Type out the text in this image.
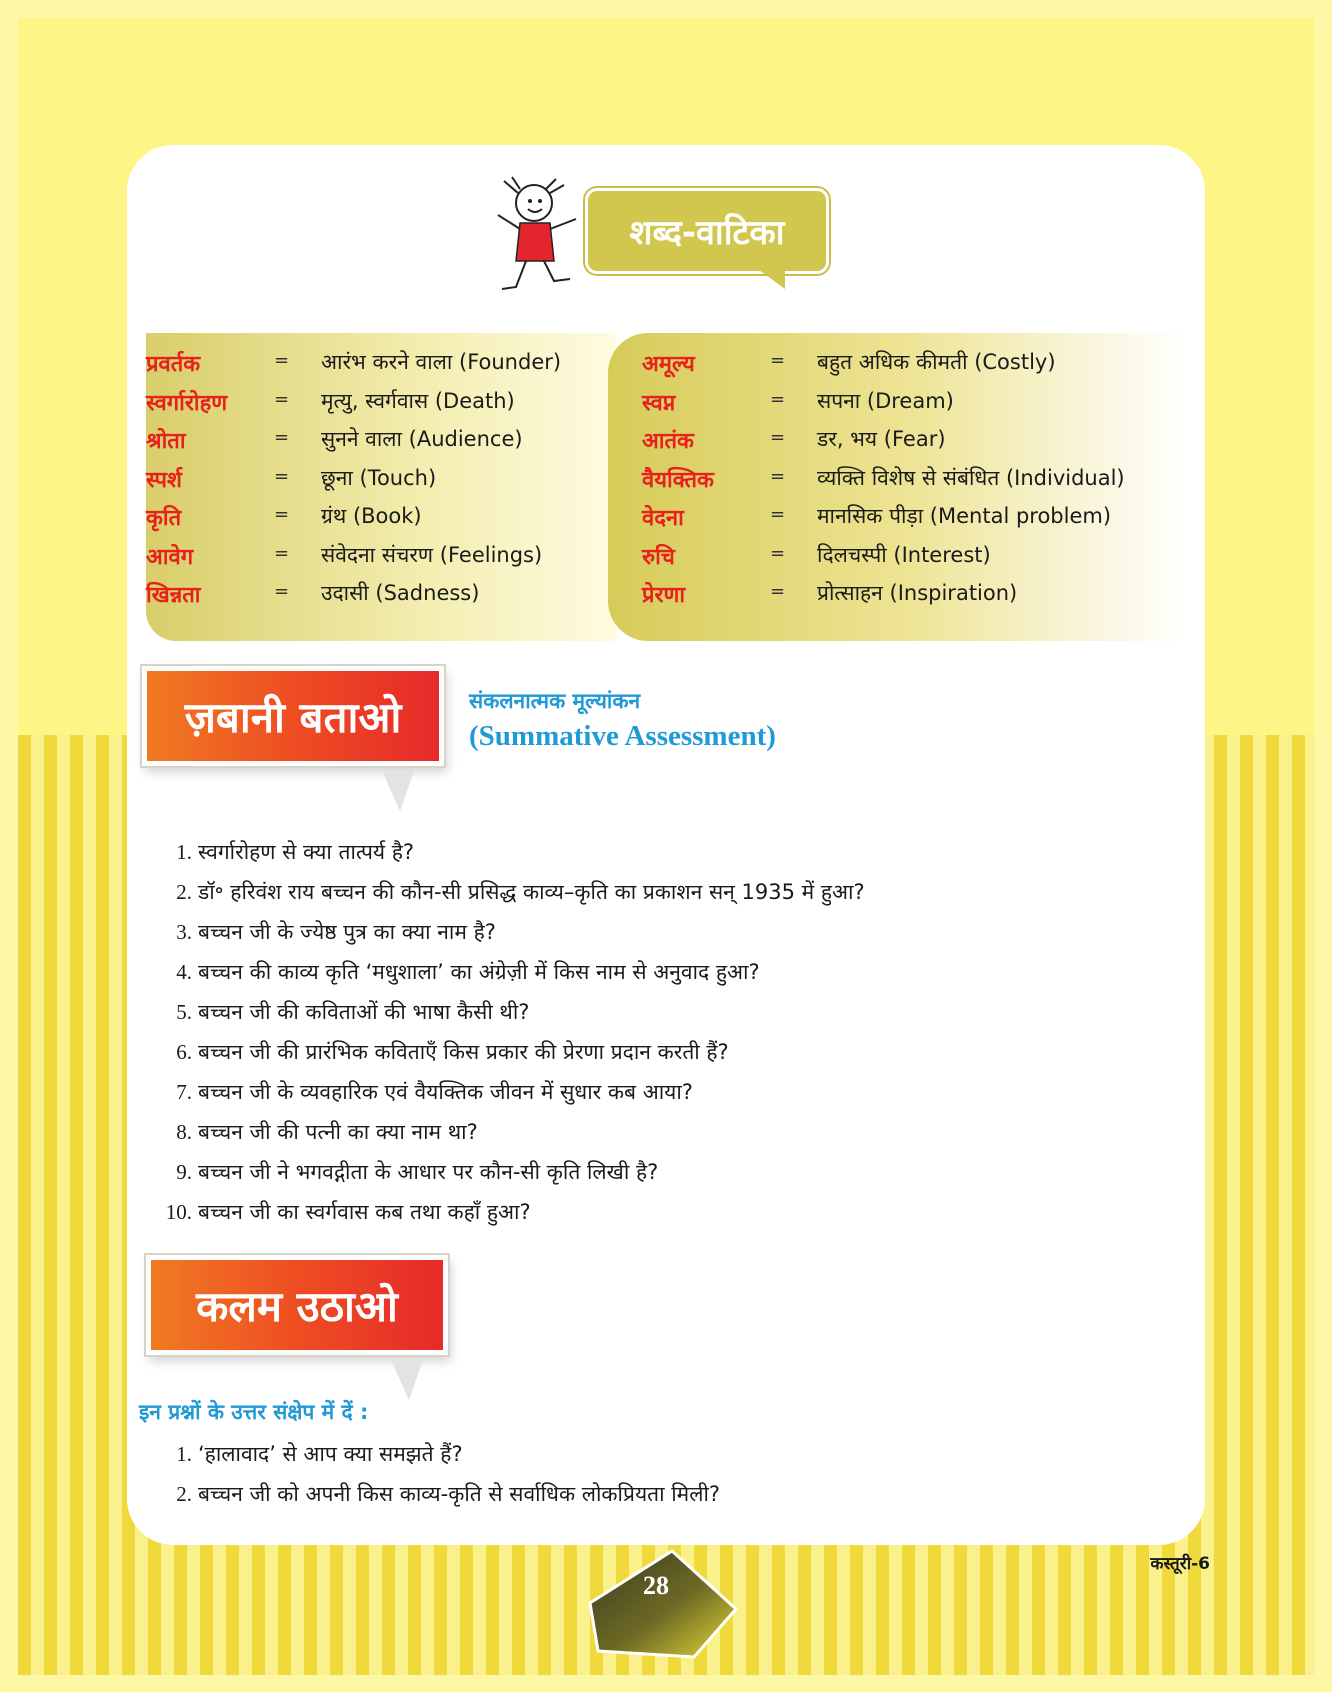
शब्द-वाटिका
प्रवर्तक	= आरंभ करने वाला (Founder)
स्वर्गारोहण	= मृत्यु, स्वर्गवास (Death)
श्रोता	= सुनने वाला (Audience)
स्पर्श	= छूना (Touch)
कृति	= ग्रंथ (Book)
आवेग	= संवेदना संचरण (Feelings)
खिन्नता	= उदासी (Sadness)
अमूल्य	= बहुत अधिक कीमती (Costly)
स्वप्न	= सपना (Dream)
आतंक	= डर, भय (Fear)
वैयक्तिक	= व्यक्ति विशेष से संबंधित (Individual)
वेदना	= मानसिक पीड़ा (Mental problem)
रुचि	= दिलचस्पी (Interest)
प्रेरणा	= प्रोत्साहन (Inspiration)
ज़बानी बताओ	संकलनात्मक मूल्यांकन
(Summative Assessment)
1. स्वर्गारोहण से क्या तात्पर्य है?
2. डॉ॰ हरिवंश राय बच्चन की कौन-सी प्रसिद्ध काव्य–कृति का प्रकाशन सन् 1935 में हुआ?
3. बच्चन जी के ज्येष्ठ पुत्र का क्या नाम है?
4. बच्चन की काव्य कृति ‘मधुशाला’ का अंग्रेज़ी में किस नाम से अनुवाद हुआ?
5. बच्चन जी की कविताओं की भाषा कैसी थी?
6. बच्चन जी की प्रारंभिक कविताएँ किस प्रकार की प्रेरणा प्रदान करती हैं?
7. बच्चन जी के व्यवहारिक एवं वैयक्तिक जीवन में सुधार कब आया?
8. बच्चन जी की पत्नी का क्या नाम था?
9. बच्चन जी ने भगवद्गीता के आधार पर कौन-सी कृति लिखी है?
10. बच्चन जी का स्वर्गवास कब तथा कहाँ हुआ?
कलम उठाओ
इन प्रश्नों के उत्तर संक्षेप में दें :
1. ‘हालावाद’ से आप क्या समझते हैं?
2. बच्चन जी को अपनी किस काव्य-कृति से सर्वाधिक लोकप्रियता मिली?
कस्तूरी-6
28
